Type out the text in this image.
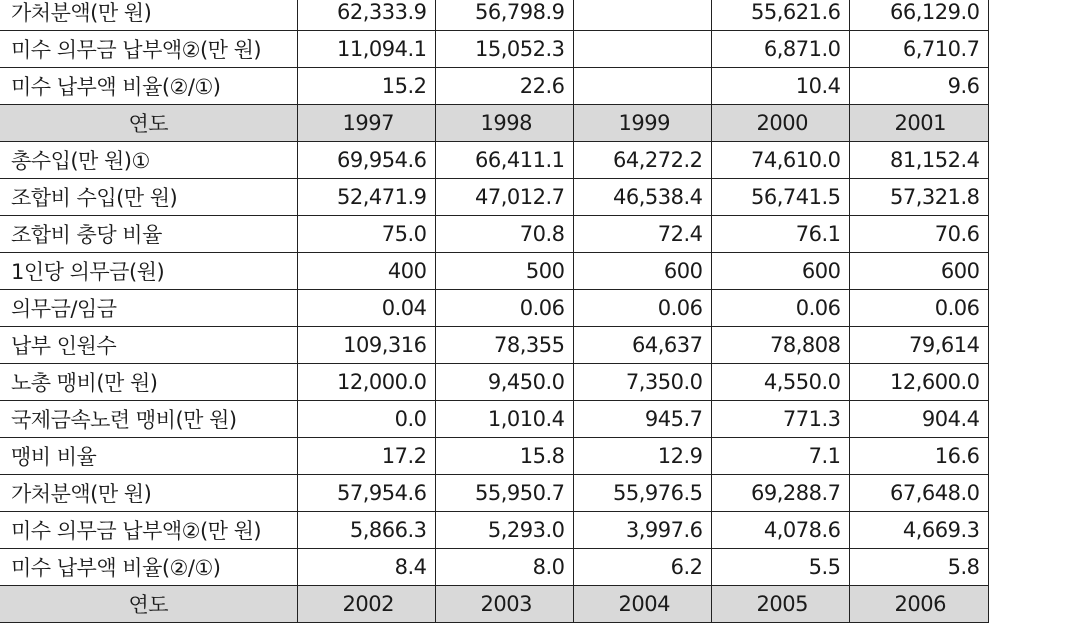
가처분액(만 원)	62,333.9	56,798.9		55,621.6	66,129.0
미수 의무금 납부액②(만 원)	11,094.1	15,052.3		6,871.0	6,710.7
미수 납부액 비율(②/①)	15.2	22.6		10.4	9.6
연도	1997	1998	1999	2000	2001
총수입(만 원)①	69,954.6	66,411.1	64,272.2	74,610.0	81,152.4
조합비 수입(만 원)	52,471.9	47,012.7	46,538.4	56,741.5	57,321.8
조합비 충당 비율	75.0	70.8	72.4	76.1	70.6
1인당 의무금(원)	400	500	600	600	600
의무금/임금	0.04	0.06	0.06	0.06	0.06
납부 인원수	109,316	78,355	64,637	78,808	79,614
노총 맹비(만 원)	12,000.0	9,450.0	7,350.0	4,550.0	12,600.0
국제금속노련 맹비(만 원)	0.0	1,010.4	945.7	771.3	904.4
맹비 비율	17.2	15.8	12.9	7.1	16.6
가처분액(만 원)	57,954.6	55,950.7	55,976.5	69,288.7	67,648.0
미수 의무금 납부액②(만 원)	5,866.3	5,293.0	3,997.6	4,078.6	4,669.3
미수 납부액 비율(②/①)	8.4	8.0	6.2	5.5	5.8
연도	2002	2003	2004	2005	2006
